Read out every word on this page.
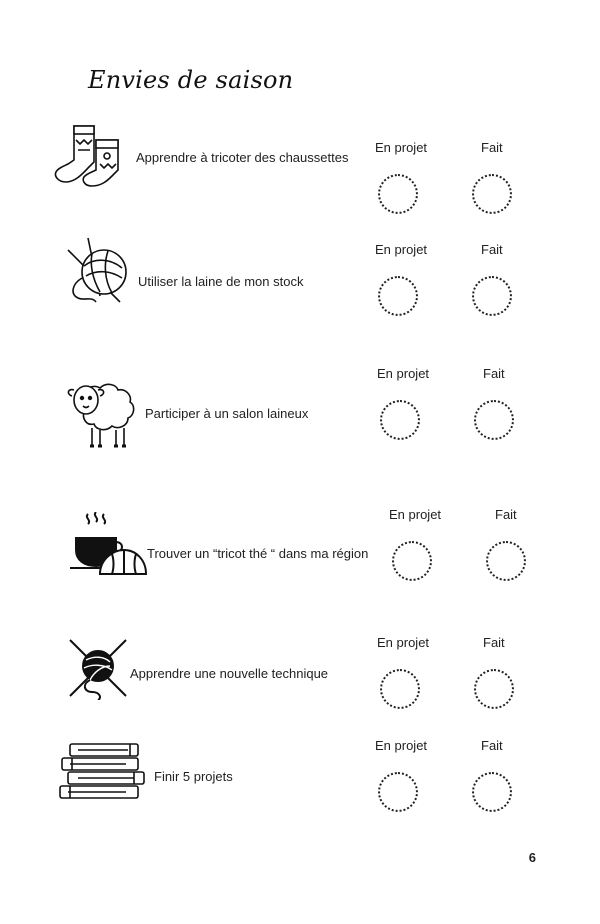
Envies de saison
Apprendre à tricoter des chaussettes
En projet	Fait
Utiliser la laine de mon stock
En projet	Fait
Participer à un salon laineux
En projet	Fait
Trouver un “tricot thé “ dans ma région
En projet	Fait
Apprendre une nouvelle technique
En projet	Fait
Finir 5 projets
En projet	Fait
6
